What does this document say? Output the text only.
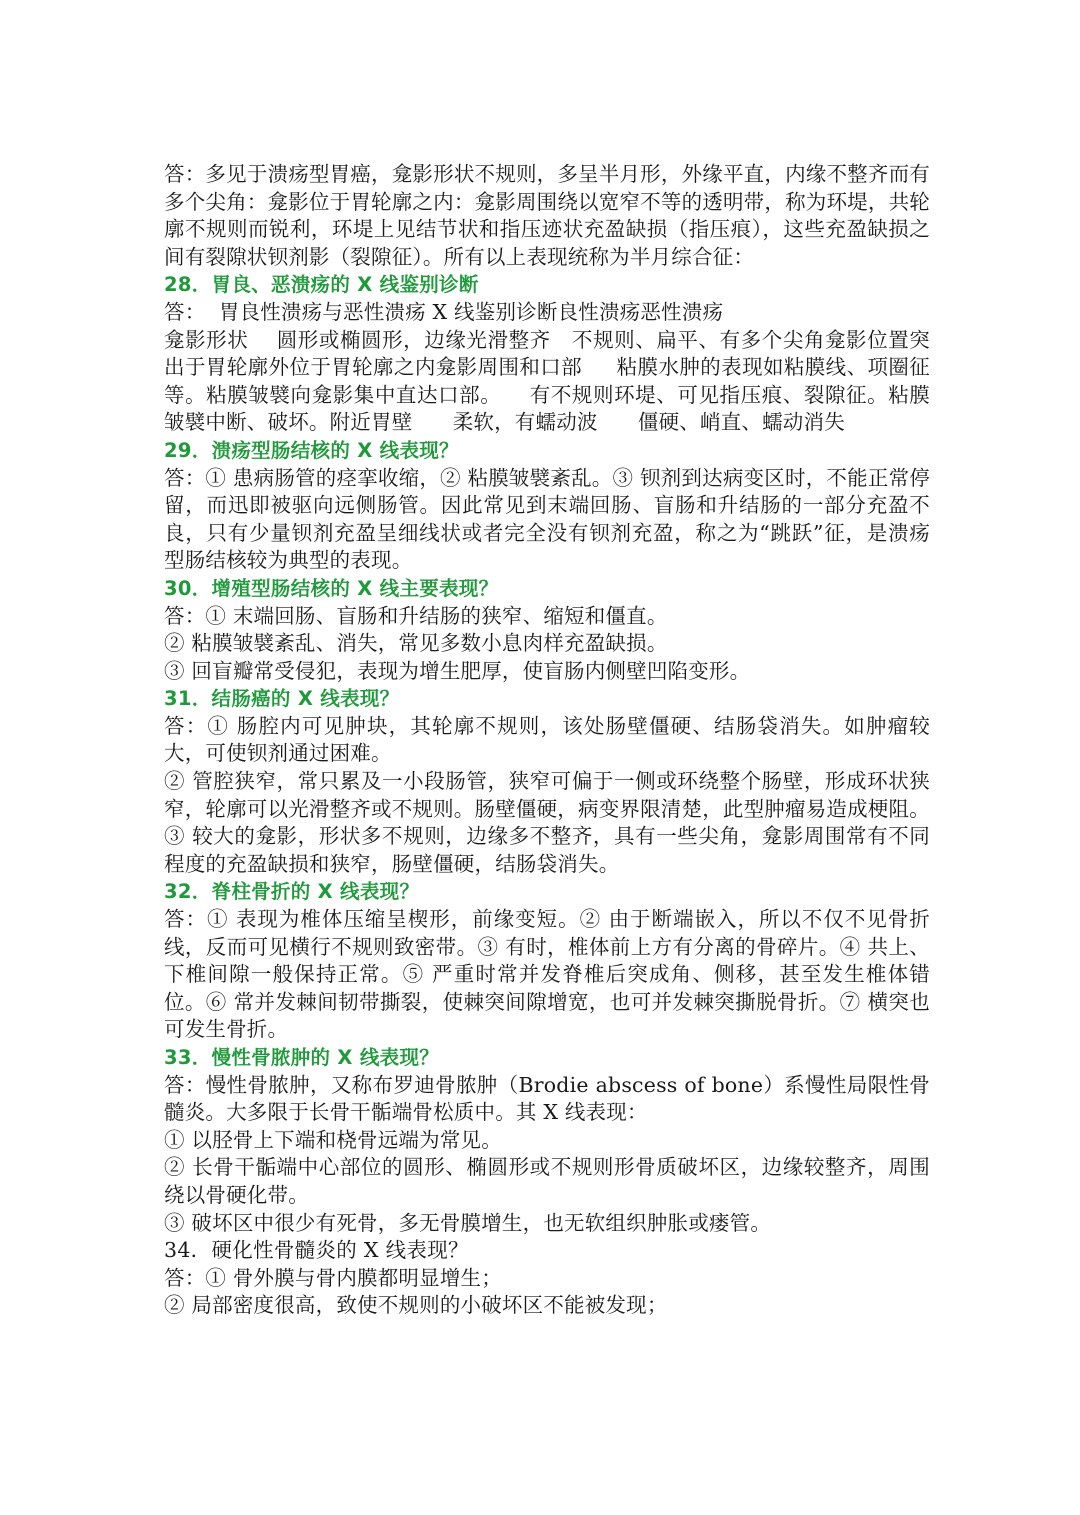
答：多见于溃疡型胃癌，龛影形状不规则，多呈半月形，外缘平直，内缘不整齐而有多个尖角：龛影位于胃轮廓之内：龛影周围绕以宽窄不等的透明带，称为环堤，共轮廓不规则而锐利，环堤上见结节状和指压迹状充盈缺损（指压痕），这些充盈缺损之间有裂隙状钡剂影（裂隙征）。所有以上表现统称为半月综合征：

28．胃良、恶溃疡的 X 线鉴别诊断

答：  胃良性溃疡与恶性溃疡 X 线鉴别诊断良性溃疡恶性溃疡

龛影形状    圆形或椭圆形，边缘光滑整齐   不规则、扁平、有多个尖角龛影位置突出于胃轮廓外位于胃轮廓之内龛影周围和口部     粘膜水肿的表现如粘膜线、项圈征等。粘膜皱襞向龛影集中直达口部。    有不规则环堤、可见指压痕、裂隙征。粘膜皱襞中断、破坏。附近胃壁      柔软，有蠕动波      僵硬、峭直、蠕动消失

29．溃疡型肠结核的 X 线表现？

答：① 患病肠管的痉挛收缩，② 粘膜皱襞紊乱。③ 钡剂到达病变区时，不能正常停留，而迅即被驱向远侧肠管。因此常见到末端回肠、盲肠和升结肠的一部分充盈不良，只有少量钡剂充盈呈细线状或者完全没有钡剂充盈，称之为“跳跃”征，是溃疡型肠结核较为典型的表现。

30．增殖型肠结核的 X 线主要表现？

答：① 末端回肠、盲肠和升结肠的狭窄、缩短和僵直。

② 粘膜皱襞紊乱、消失，常见多数小息肉样充盈缺损。

③ 回盲瓣常受侵犯，表现为增生肥厚，使盲肠内侧壁凹陷变形。

31．结肠癌的 X 线表现？

答：① 肠腔内可见肿块，其轮廓不规则，该处肠壁僵硬、结肠袋消失。如肿瘤较大，可使钡剂通过困难。

② 管腔狭窄，常只累及一小段肠管，狭窄可偏于一侧或环绕整个肠壁，形成环状狭窄，轮廓可以光滑整齐或不规则。肠壁僵硬，病变界限清楚，此型肿瘤易造成梗阻。

③ 较大的龛影，形状多不规则，边缘多不整齐，具有一些尖角，龛影周围常有不同程度的充盈缺损和狭窄，肠壁僵硬，结肠袋消失。

32．脊柱骨折的 X 线表现？

答：① 表现为椎体压缩呈楔形，前缘变短。② 由于断端嵌入，所以不仅不见骨折线，反而可见横行不规则致密带。③ 有时，椎体前上方有分离的骨碎片。④ 共上、下椎间隙一般保持正常。⑤ 严重时常并发脊椎后突成角、侧移，甚至发生椎体错位。⑥ 常并发棘间韧带撕裂，使棘突间隙增宽，也可并发棘突撕脱骨折。⑦ 横突也可发生骨折。

33．慢性骨脓肿的 X 线表现？

答：慢性骨脓肿，又称布罗迪骨脓肿（Brodie abscess of bone）系慢性局限性骨髓炎。大多限于长骨干骺端骨松质中。其 X 线表现：

① 以胫骨上下端和桡骨远端为常见。

② 长骨干骺端中心部位的圆形、椭圆形或不规则形骨质破坏区，边缘较整齐，周围绕以骨硬化带。

③ 破坏区中很少有死骨，多无骨膜增生，也无软组织肿胀或瘘管。

34．硬化性骨髓炎的 X 线表现？

答：① 骨外膜与骨内膜都明显增生；

② 局部密度很高，致使不规则的小破坏区不能被发现；
